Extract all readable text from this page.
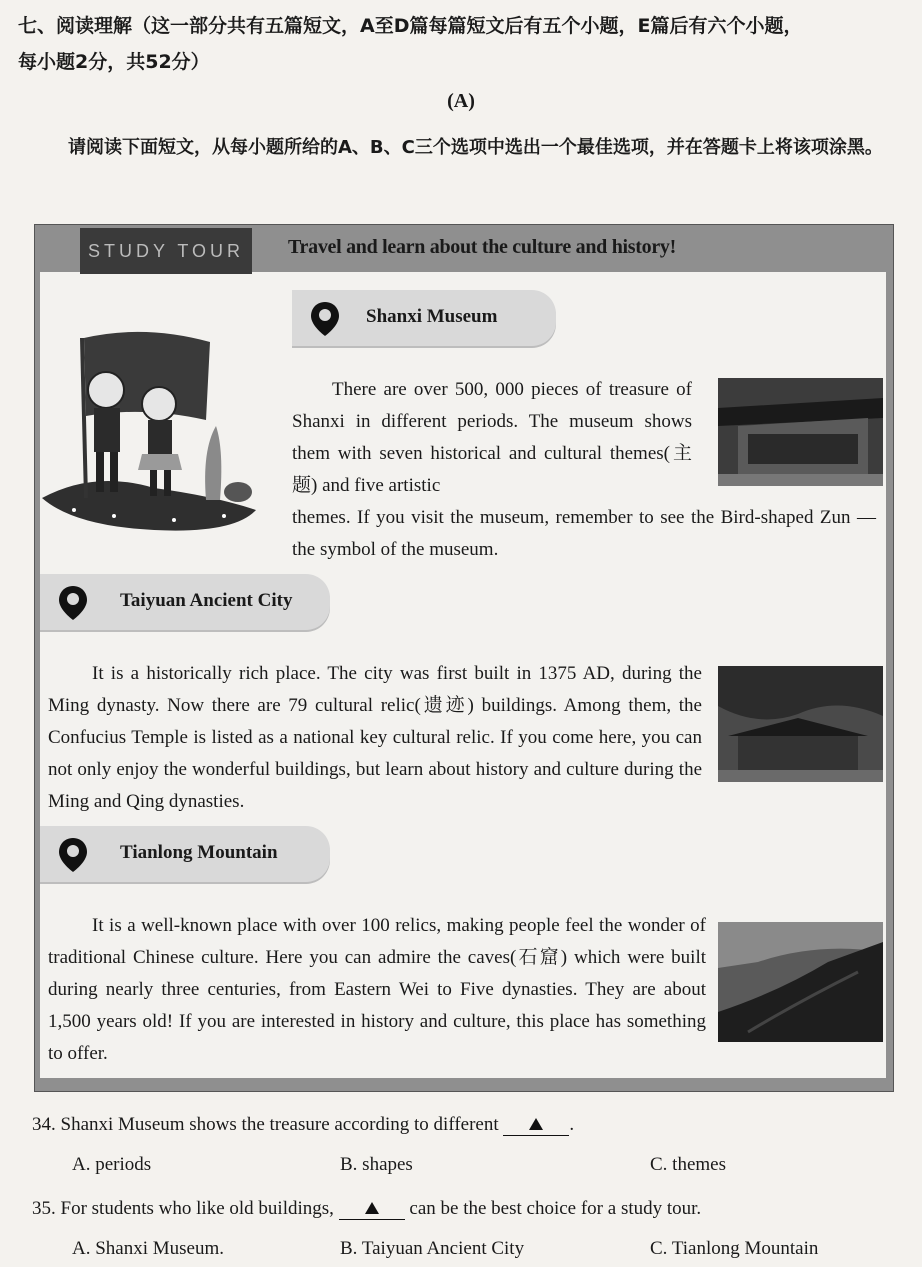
七、阅读理解（这一部分共有五篇短文，A至D篇每篇短文后有五个小题，E篇后有六个小题，
每小题2分，共52分）
(A)
请阅读下面短文，从每小题所给的A、B、C三个选项中选出一个最佳选项，并在答题卡上将该项涂黑。
STUDY TOUR	Travel and learn about the culture and history!
Shanxi Museum
There are over 500, 000 pieces of treasure of Shanxi in different periods. The museum shows them with seven historical and cultural themes(主题) and five artistic
themes. If you visit the museum, remember to see the Bird-shaped Zun — the symbol of the museum.
Taiyuan Ancient City
It is a historically rich place. The city was first built in 1375 AD, during the Ming dynasty. Now there are 79 cultural relic(遗迹) buildings. Among them, the Confucius Temple is listed as a national key cultural relic. If you come here, you can not only enjoy the wonderful buildings, but learn about history and culture during the Ming and Qing dynasties.
Tianlong Mountain
It is a well-known place with over 100 relics, making people feel the wonder of traditional Chinese culture. Here you can admire the caves(石窟) which were built during nearly three centuries, from Eastern Wei to Five dynasties. They are about 1,500 years old! If you are interested in history and culture, this place has something to offer.
34. Shanxi Museum shows the treasure according to different	.
A. periods	B. shapes	C. themes
35. For students who like old buildings,	can be the best choice for a study tour.
A. Shanxi Museum.	B. Taiyuan Ancient City	C. Tianlong Mountain
